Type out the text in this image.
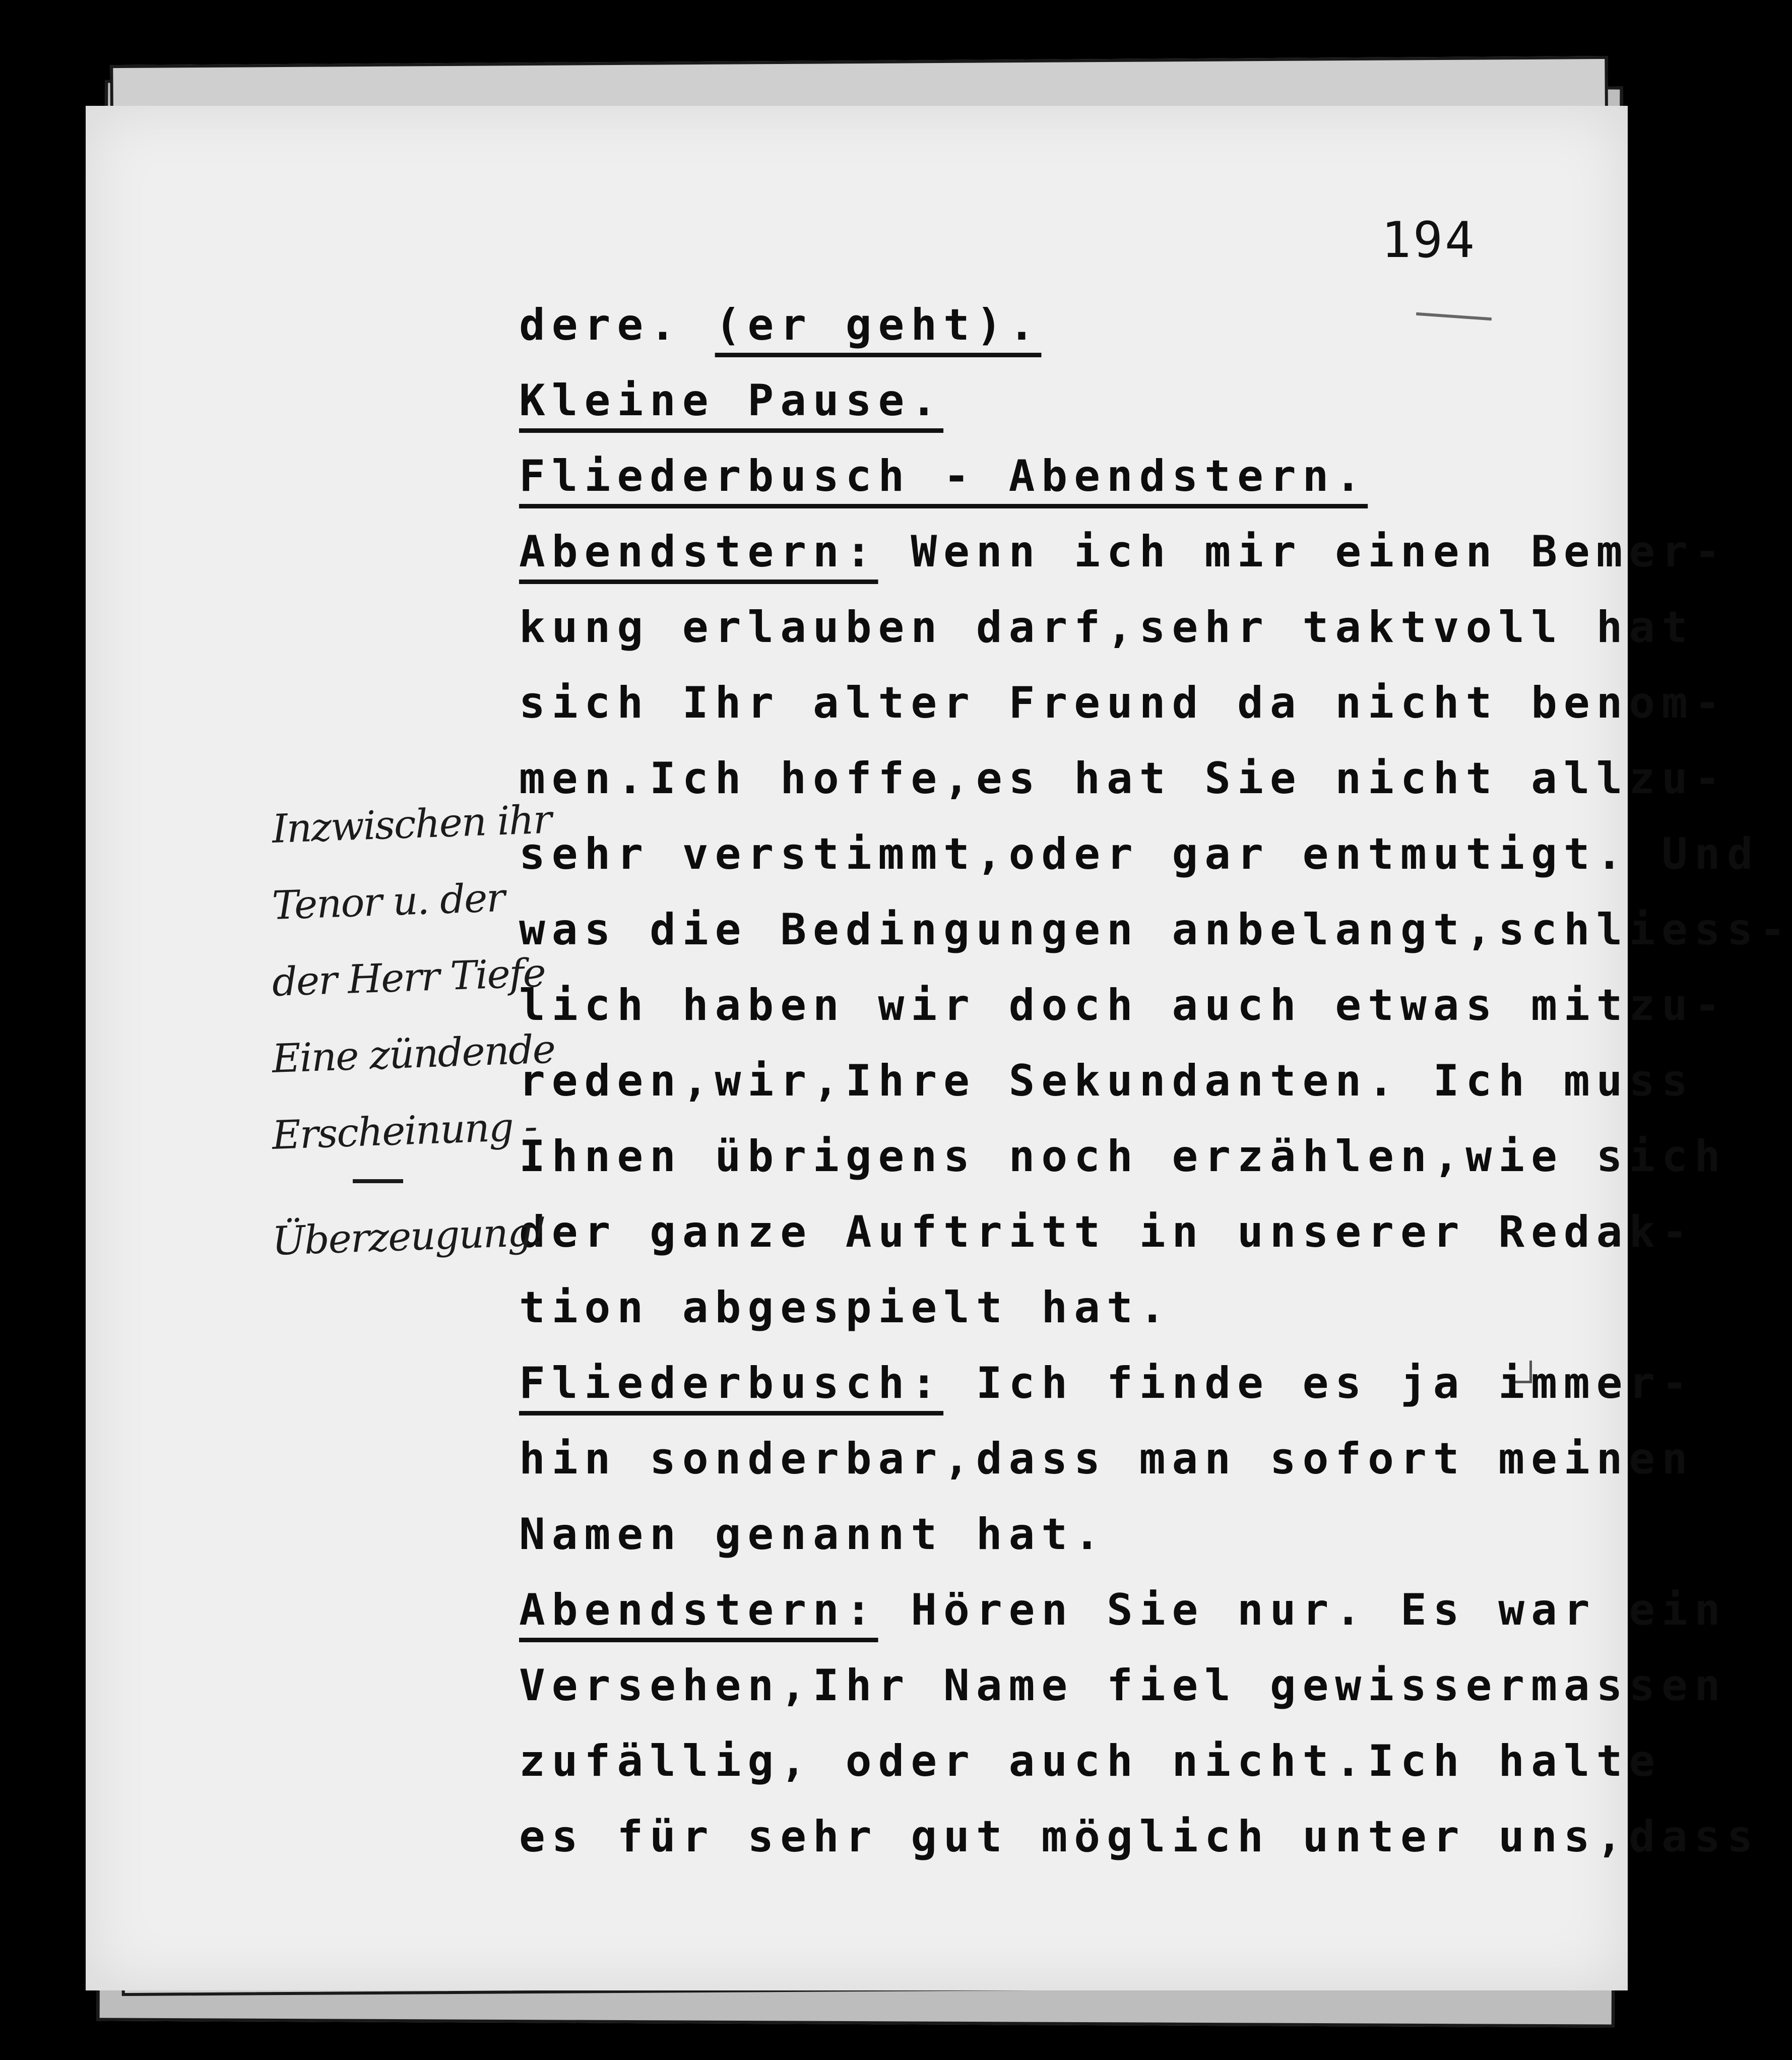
194
dere. (er geht).
Kleine Pause.
Fliederbusch - Abendstern.
Abendstern: Wenn ich mir einen Bemer-
kung erlauben darf,sehr taktvoll hat
sich Ihr alter Freund da nicht benom-
men.Ich hoffe,es hat Sie nicht allzu-
sehr verstimmt,oder gar entmutigt. Und
was die Bedingungen anbelangt,schliess-
lich haben wir doch auch etwas mitzu-
reden,wir,Ihre Sekundanten. Ich muss
Ihnen übrigens noch erzählen,wie sich
der ganze Auftritt in unserer Redak-
tion abgespielt hat.
Fliederbusch: Ich finde es ja immer-
hin sonderbar,dass man sofort meinen
Namen genannt hat.
Abendstern: Hören Sie nur. Es war ein
Versehen,Ihr Name fiel gewissermassen
zufällig, oder auch nicht.Ich halte
es für sehr gut möglich unter uns,dass
Inzwischen ihr
Tenor u. der
der Herr Tiefe
Eine zündende
Erscheinung -
Überzeugung! -
